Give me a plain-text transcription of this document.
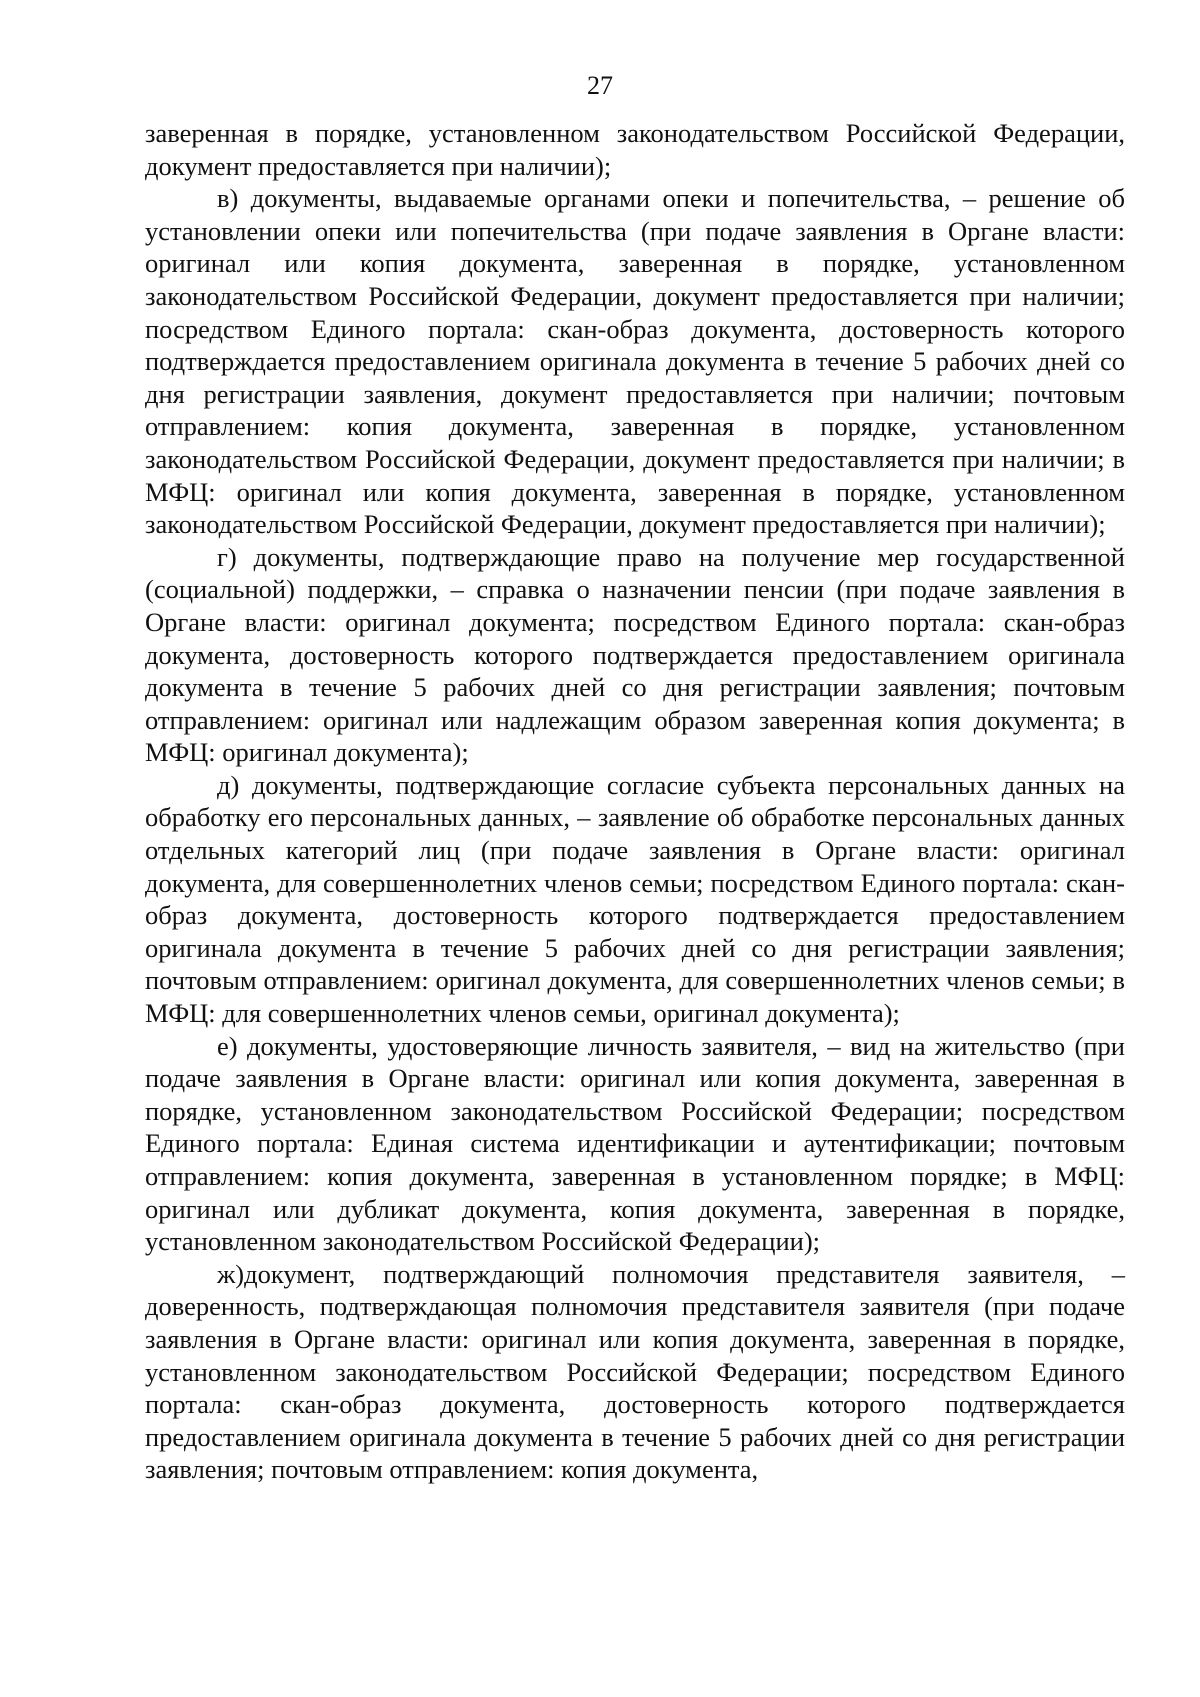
27

заверенная в порядке, установленном законодательством Российской Федерации, документ предоставляется при наличии);

в) документы, выдаваемые органами опеки и попечительства, – решение об установлении опеки или попечительства (при подаче заявления в Органе власти: оригинал или копия документа, заверенная в порядке, установленном законодательством Российской Федерации, документ предоставляется при наличии; посредством Единого портала: скан-образ документа, достоверность которого подтверждается предоставлением оригинала документа в течение 5 рабочих дней со дня регистрации заявления, документ предоставляется при наличии; почтовым отправлением: копия документа, заверенная в порядке, установленном законодательством Российской Федерации, документ предоставляется при наличии; в МФЦ: оригинал или копия документа, заверенная в порядке, установленном законодательством Российской Федерации, документ предоставляется при наличии);

г) документы, подтверждающие право на получение мер государственной (социальной) поддержки, – справка о назначении пенсии (при подаче заявления в Органе власти: оригинал документа; посредством Единого портала: скан-образ документа, достоверность которого подтверждается предоставлением оригинала документа в течение 5 рабочих дней со дня регистрации заявления; почтовым отправлением: оригинал или надлежащим образом заверенная копия документа; в МФЦ: оригинал документа);

д) документы, подтверждающие согласие субъекта персональных данных на обработку его персональных данных, – заявление об обработке персональных данных отдельных категорий лиц (при подаче заявления в Органе власти: оригинал документа, для совершеннолетних членов семьи; посредством Единого портала: скан-образ документа, достоверность которого подтверждается предоставлением оригинала документа в течение 5 рабочих дней со дня регистрации заявления; почтовым отправлением: оригинал документа, для совершеннолетних членов семьи; в МФЦ: для совершеннолетних членов семьи, оригинал документа);

е) документы, удостоверяющие личность заявителя, – вид на жительство (при подаче заявления в Органе власти: оригинал или копия документа, заверенная в порядке, установленном законодательством Российской Федерации; посредством Единого портала: Единая система идентификации и аутентификации; почтовым отправлением: копия документа, заверенная в установленном порядке; в МФЦ: оригинал или дубликат документа, копия документа, заверенная в порядке, установленном законодательством Российской Федерации);

ж)документ, подтверждающий полномочия представителя заявителя, – доверенность, подтверждающая полномочия представителя заявителя (при подаче заявления в Органе власти: оригинал или копия документа, заверенная в порядке, установленном законодательством Российской Федерации; посредством Единого портала: скан-образ документа, достоверность которого подтверждается предоставлением оригинала документа в течение 5 рабочих дней со дня регистрации заявления; почтовым отправлением: копия документа,
